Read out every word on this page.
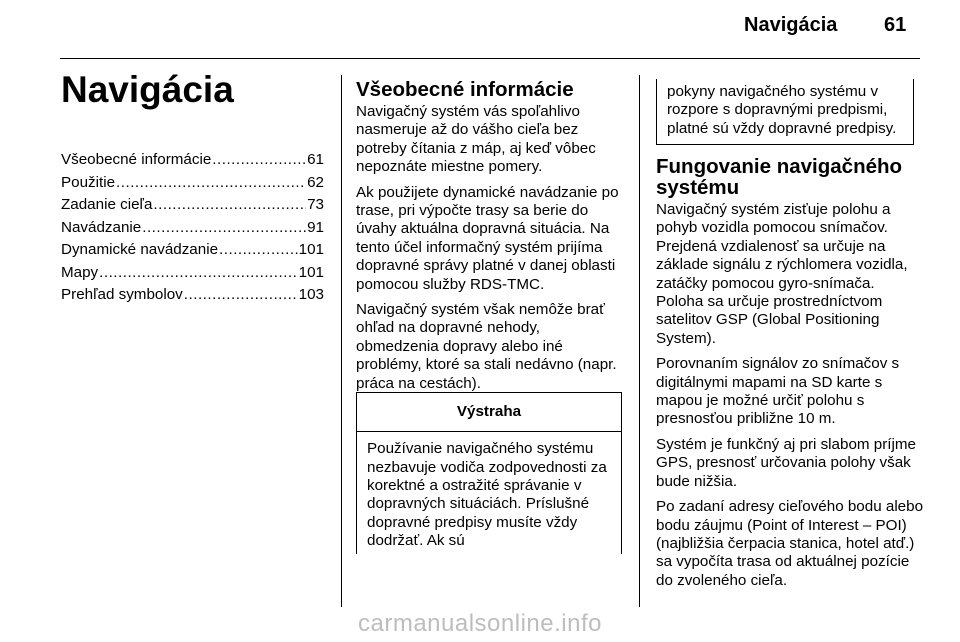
Navigácia 61
Navigácia
Všeobecné informácie .....	61
Použitie .....	62
Zadanie cieľa .....	73
Navádzanie .....	91
Dynamické navádzanie .....	101
Mapy .....	101
Prehľad symbolov .....	103
Všeobecné informácie

Navigačný systém vás spoľahlivo nasmeruje až do vášho cieľa bez potreby čítania z máp, aj keď vôbec nepoznáte miestne pomery.

Ak použijete dynamické navádzanie po trase, pri výpočte trasy sa berie do úvahy aktuálna dopravná situácia. Na tento účel informačný systém prijíma dopravné správy platné v danej oblasti pomocou služby RDS-TMC.

Navigačný systém však nemôže brať ohľad na dopravné nehody, obmedzenia dopravy alebo iné problémy, ktoré sa stali nedávno (napr. práca na cestách).

Výstraha
Používanie navigačného systému nezbavuje vodiča zodpovednosti za korektné a ostražité správanie v dopravných situáciách. Príslušné dopravné predpisy musíte vždy dodržať. Ak sú
pokyny navigačného systému v rozpore s dopravnými predpismi, platné sú vždy dopravné predpisy.
Fungovanie navigačného systému

Navigačný systém zisťuje polohu a pohyb vozidla pomocou snímačov. Prejdená vzdialenosť sa určuje na základe signálu z rýchlomera vozidla, zatáčky pomocou gyro-snímača. Poloha sa určuje prostredníctvom satelitov GSP (Global Positioning System).

Porovnaním signálov zo snímačov s digitálnymi mapami na SD karte s mapou je možné určiť polohu s presnosťou približne 10 m.

Systém je funkčný aj pri slabom príjme GPS, presnosť určovania polohy však bude nižšia.

Po zadaní adresy cieľového bodu alebo bodu záujmu (Point of Interest – POI) (najbližšia čerpacia stanica, hotel atď.) sa vypočíta trasa od aktuálnej pozície do zvoleného cieľa.

carmanualsonline.info
